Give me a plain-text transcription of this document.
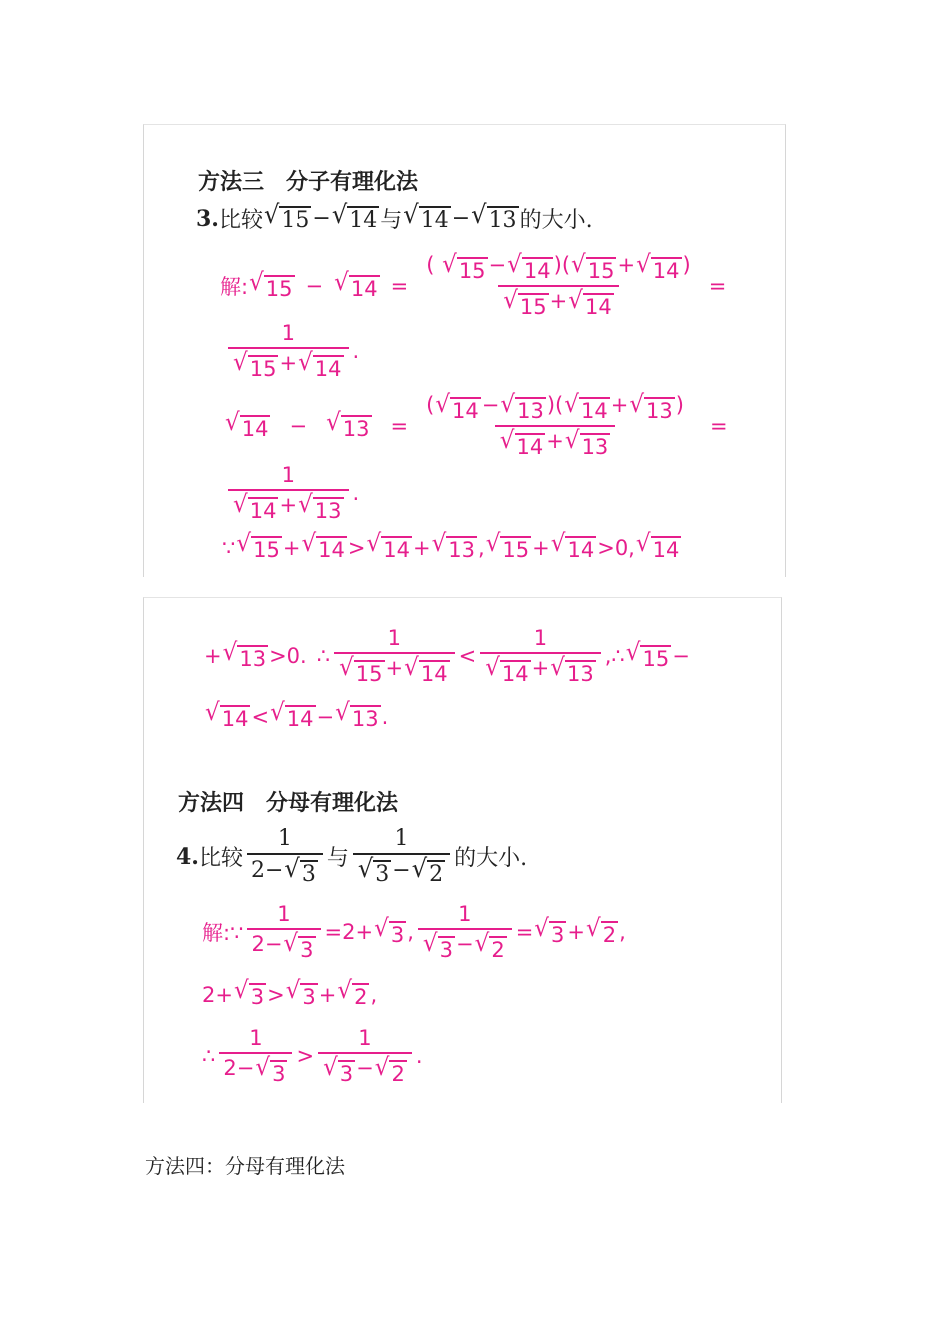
方法三　分子有理化法
3. 比较 √ 15 − √ 14 与 √ 14 − √ 13 的大小.
解: √ 15 − √ $14 = \frac{( √ 15 - √ 14 )( √ 15 + √ 14 )}{√ 15 + √ 14}$ =
$\frac{1}{√ 15 + √ 14}$ .
√ 14 − √ $13 = \frac{( √ 14 - √ 13 )( √ 14 + √ 13 )}{√ 14 + √ 13}$ =
$\frac{1}{√ 14 + √ 13}$ .
∵ √ 15 + √ 14 > √ 14 + √ 13 , √ 15 + √ 14 >0, √ 14
+ √ 13 >0. ∴ $\frac{1}{√ 15 + √ 14} < \frac{1}{√ 14 + √ 13}$ ,∴ √ 15 −
√ 14 < √ 14 − √ 13 .
方法四　分母有理化法
4. 比较 $\frac{1}{2- √ 3}$ 与 $\frac{1}{√ 3 - √ 2}$ 的大小.
解:∵ $\frac{1}{2- √ 3} = 2$ + √ 3 , $\frac{1}{√ 3 - √ 2}$ = √ 3 + √ 2 ,
2 + √ 3 > √ 3 + √ 2 ,
∴ $\frac{1}{2- √ 3} > \frac{1}{√ 3 - √ 2}$ .
方法四：分母有理化法
